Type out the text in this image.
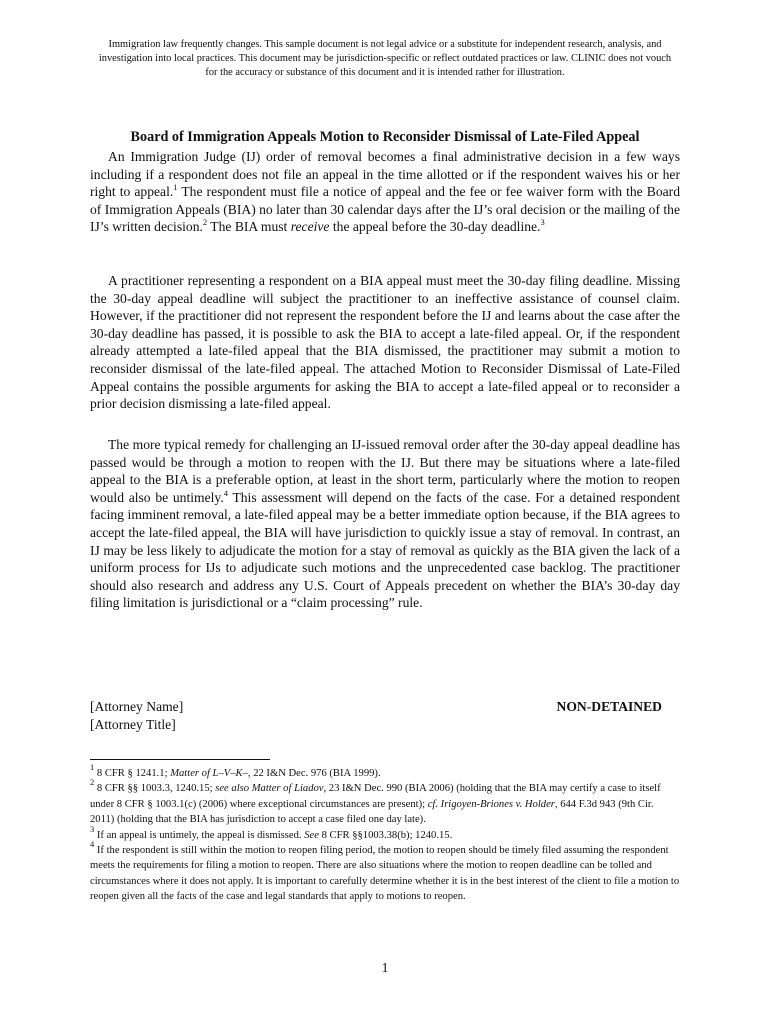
Immigration law frequently changes. This sample document is not legal advice or a substitute for independent research, analysis, and investigation into local practices. This document may be jurisdiction-specific or reflect outdated practices or law. CLINIC does not vouch for the accuracy or substance of this document and it is intended rather for illustration.
Board of Immigration Appeals Motion to Reconsider Dismissal of Late-Filed Appeal

An Immigration Judge (IJ) order of removal becomes a final administrative decision in a few ways including if a respondent does not file an appeal in the time allotted or if the respondent waives his or her right to appeal.$^1$ The respondent must file a notice of appeal and the fee or fee waiver form with the Board of Immigration Appeals (BIA) no later than 30 calendar days after the IJ’s oral decision or the mailing of the IJ’s written decision.$^2$ The BIA must receive the appeal before the 30-day deadline.$^3$

A practitioner representing a respondent on a BIA appeal must meet the 30-day filing deadline. Missing the 30-day appeal deadline will subject the practitioner to an ineffective assistance of counsel claim. However, if the practitioner did not represent the respondent before the IJ and learns about the case after the 30-day deadline has passed, it is possible to ask the BIA to accept a late-filed appeal. Or, if the respondent already attempted a late-filed appeal that the BIA dismissed, the practitioner may submit a motion to reconsider dismissal of the late-filed appeal. The attached Motion to Reconsider Dismissal of Late-Filed Appeal contains the possible arguments for asking the BIA to accept a late-filed appeal or to reconsider a prior decision dismissing a late-filed appeal.

The more typical remedy for challenging an IJ-issued removal order after the 30-day appeal deadline has passed would be through a motion to reopen with the IJ. But there may be situations where a late-filed appeal to the BIA is a preferable option, at least in the short term, particularly where the motion to reopen would also be untimely.$^4$ This assessment will depend on the facts of the case. For a detained respondent facing imminent removal, a late-filed appeal may be a better immediate option because, if the BIA agrees to accept the late-filed appeal, the BIA will have jurisdiction to quickly issue a stay of removal. In contrast, an IJ may be less likely to adjudicate the motion for a stay of removal as quickly as the BIA given the lack of a uniform process for IJs to adjudicate such motions and the unprecedented case backlog. The practitioner should also research and address any U.S. Court of Appeals precedent on whether the BIA’s 30-day day filing limitation is jurisdictional or a “claim processing” rule.

[Attorney Name]
[Attorney Title]
NON-DETAINED

$^1$ 8 CFR § 1241.1; Matter of L–V–K–, 22 I&N Dec. 976 (BIA 1999).

$^2$ 8 CFR §§ 1003.3, 1240.15; see also Matter of Liadov, 23 I&N Dec. 990 (BIA 2006) (holding that the BIA may certify a case to itself under 8 CFR § 1003.1(c) (2006) where exceptional circumstances are present); cf. Irigoyen-Briones v. Holder, 644 F.3d 943 (9th Cir. 2011) (holding that the BIA has jurisdiction to accept a case filed one day late).

$^3$ If an appeal is untimely, the appeal is dismissed. See 8 CFR §§1003.38(b); 1240.15.

$^4$ If the respondent is still within the motion to reopen filing period, the motion to reopen should be timely filed assuming the respondent meets the requirements for filing a motion to reopen. There are also situations where the motion to reopen deadline can be tolled and circumstances where it does not apply. It is important to carefully determine whether it is in the best interest of the client to file a motion to reopen given all the facts of the case and legal standards that apply to motions to reopen.

1
